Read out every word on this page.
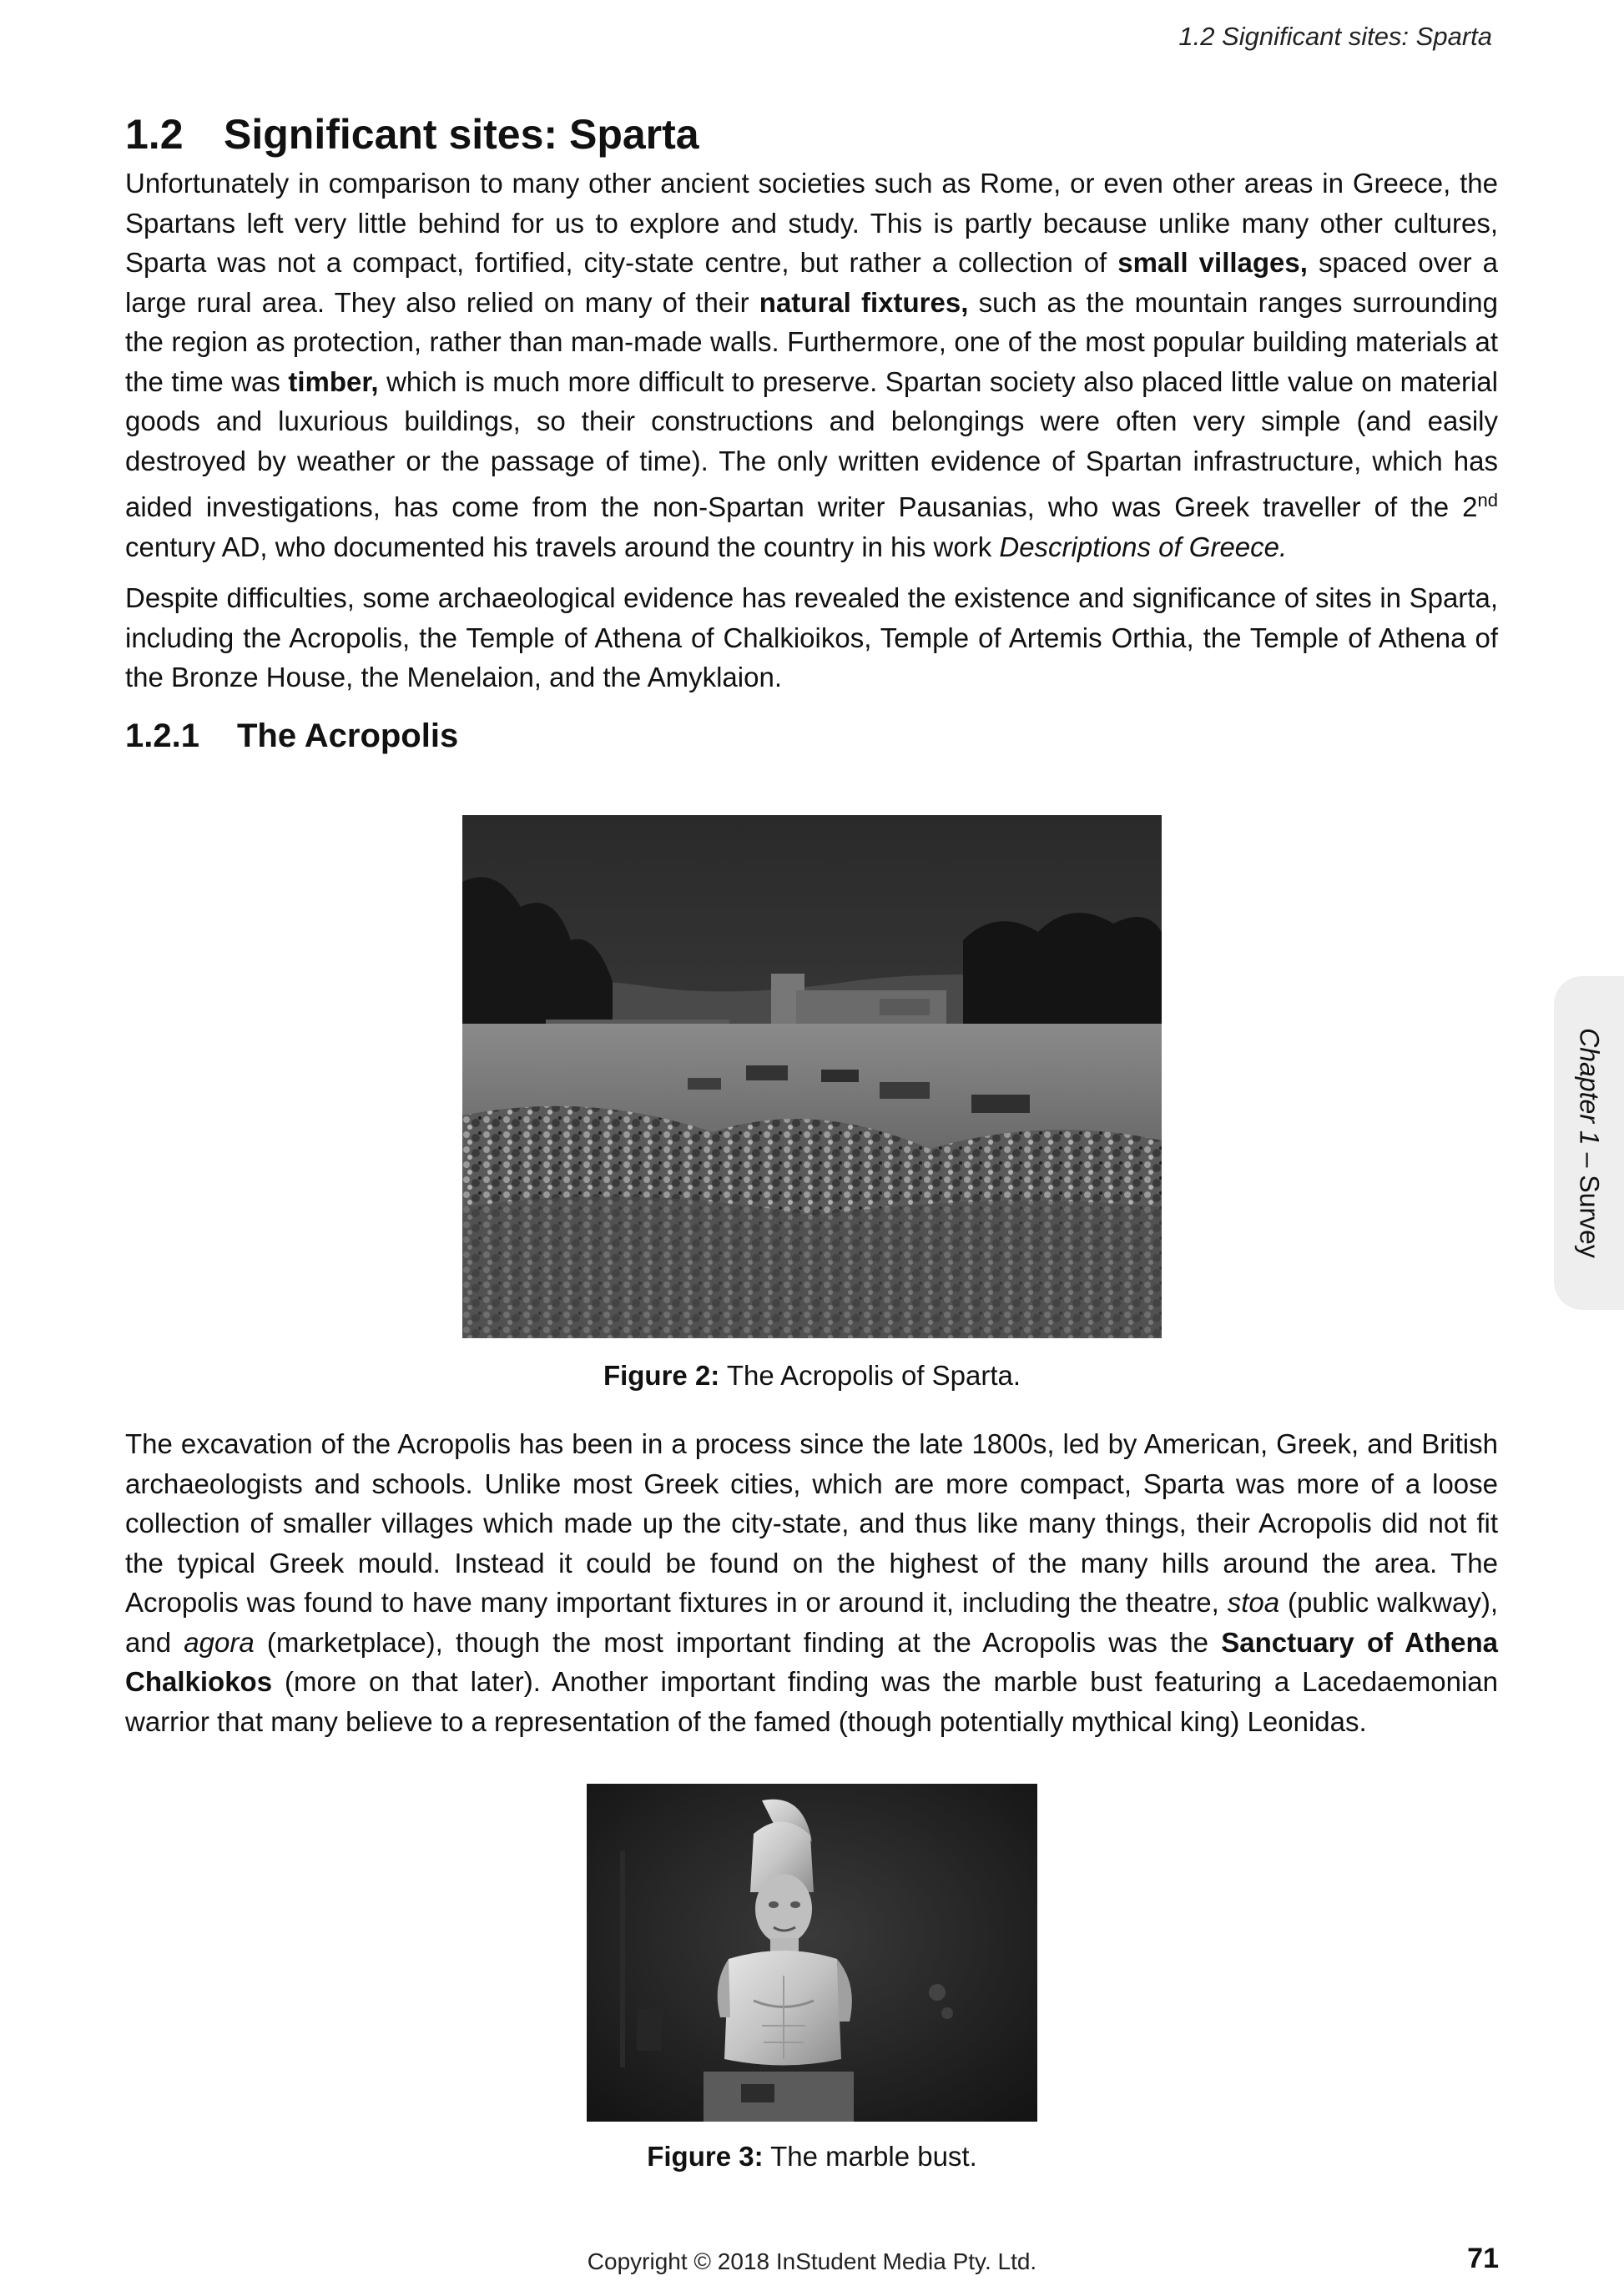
1.2 Significant sites: Sparta
1.2 Significant sites: Sparta

Unfortunately in comparison to many other ancient societies such as Rome, or even other areas in Greece, the Spartans left very little behind for us to explore and study. This is partly because unlike many other cultures, Sparta was not a compact, fortified, city-state centre, but rather a collection of small villages, spaced over a large rural area. They also relied on many of their natural fixtures, such as the mountain ranges surrounding the region as protection, rather than man-made walls. Furthermore, one of the most popular building materials at the time was timber, which is much more difficult to preserve. Spartan society also placed little value on material goods and luxurious buildings, so their constructions and belongings were often very simple (and easily destroyed by weather or the passage of time). The only written evidence of Spartan infrastructure, which has aided investigations, has come from the non-Spartan writer Pausanias, who was Greek traveller of the 2nd century AD, who documented his travels around the country in his work Descriptions of Greece.

Despite difficulties, some archaeological evidence has revealed the existence and significance of sites in Sparta, including the Acropolis, the Temple of Athena of Chalkioikos, Temple of Artemis Orthia, the Temple of Athena of the Bronze House, the Menelaion, and the Amyklaion.

1.2.1 The Acropolis
Figure 2: The Acropolis of Sparta.

The excavation of the Acropolis has been in a process since the late 1800s, led by American, Greek, and British archaeologists and schools. Unlike most Greek cities, which are more compact, Sparta was more of a loose collection of smaller villages which made up the city-state, and thus like many things, their Acropolis did not fit the typical Greek mould. Instead it could be found on the highest of the many hills around the area. The Acropolis was found to have many important fixtures in or around it, including the theatre, stoa (public walkway), and agora (marketplace), though the most important finding at the Acropolis was the Sanctuary of Athena Chalkiokos (more on that later). Another important finding was the marble bust featuring a Lacedaemonian warrior that many believe to a representation of the famed (though potentially mythical king) Leonidas.

Figure 3: The marble bust.
Chapter 1 – Survey
Copyright © 2018 InStudent Media Pty. Ltd.	71
